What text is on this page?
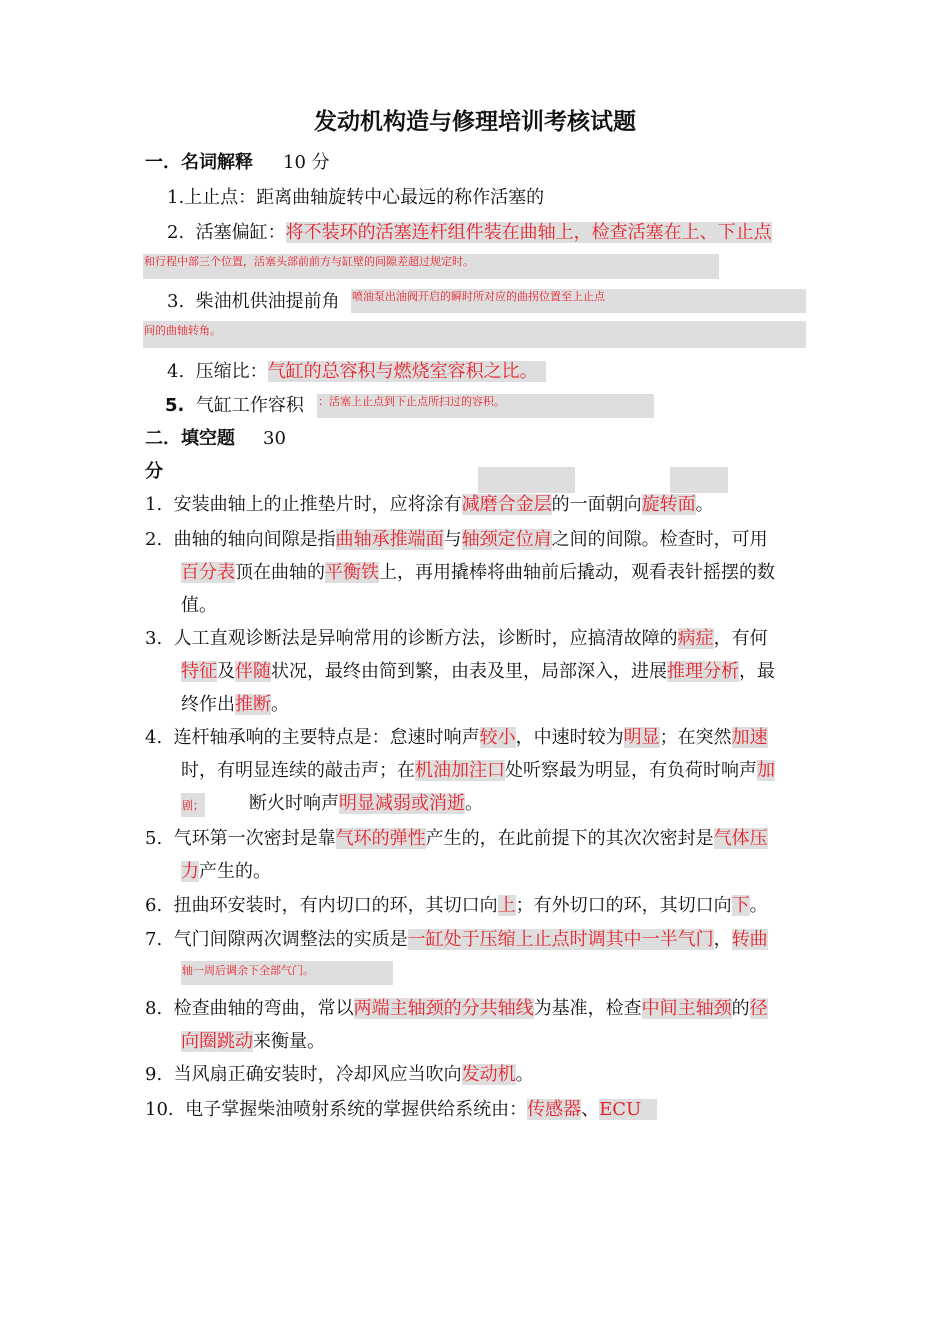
发动机构造与修理培训考核试题
一．名词解释 10 分
1.上止点：距离曲轴旋转中心最远的称作活塞的
2. 活塞偏缸：将不装环的活塞连杆组件装在曲轴上，检查活塞在上、下止点
和行程中部三个位置，活塞头部前前方与缸壁的间隙差超过规定时。
3. 柴油机供油提前角 喷油泵出油阀开启的瞬时所对应的曲拐位置至上止点
间的曲轴转角。
4. 压缩比：气缸的总容积与燃烧室容积之比。
5. 气缸工作容积 ：活塞上止点到下止点所扫过的容积。
二．填空题 30
分
1. 安装曲轴上的止推垫片时，应将涂有减磨合金层的一面朝向旋转面。
2. 曲轴的轴向间隙是指曲轴承推端面与轴颈定位肩之间的间隙。检查时，可用
百分表顶在曲轴的平衡铁上，再用撬棒将曲轴前后撬动，观看表针摇摆的数
值。
3. 人工直观诊断法是异响常用的诊断方法，诊断时，应搞清故障的病症，有何
特征及伴随状况，最终由简到繁，由表及里，局部深入，进展推理分析，最
终作出推断。
4. 连杆轴承响的主要特点是：怠速时响声较小，中速时较为明显；在突然加速
时，有明显连续的敲击声；在机油加注口处听察最为明显，有负荷时响声加
剧；	断火时响声明显减弱或消逝。
5. 气环第一次密封是靠气环的弹性产生的，在此前提下的其次次密封是气体压
力产生的。
6. 扭曲环安装时，有内切口的环，其切口向上；有外切口的环，其切口向下。
7. 气门间隙两次调整法的实质是一缸处于压缩上止点时调其中一半气门，转曲
轴一周后调余下全部气门。
8. 检查曲轴的弯曲，常以两端主轴颈的分共轴线为基准，检查中间主轴颈的径
向圈跳动来衡量。
9. 当风扇正确安装时，冷却风应当吹向发动机。
10. 电子掌握柴油喷射系统的掌握供给系统由：传感器、ECU
